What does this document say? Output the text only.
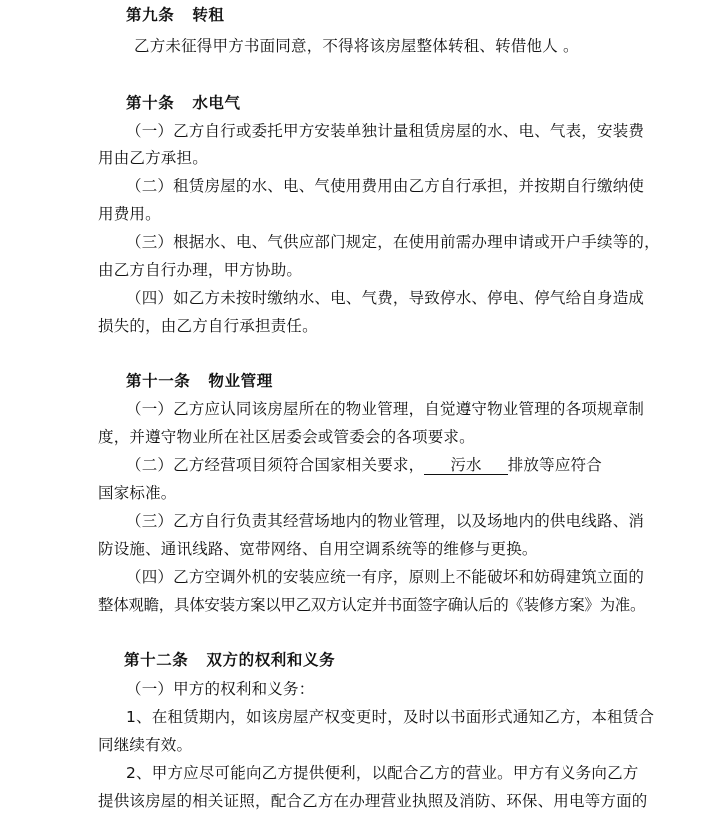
第九条 转租
乙方未征得甲方书面同意，不得将该房屋整体转租、转借他人 。
第十条 水电气
（一）乙方自行或委托甲方安装单独计量租赁房屋的水、电、气表，安装费
用由乙方承担。
（二）租赁房屋的水、电、气使用费用由乙方自行承担，并按期自行缴纳使
用费用。
（三）根据水、电、气供应部门规定，在使用前需办理申请或开户手续等的，
由乙方自行办理，甲方协助。
（四）如乙方未按时缴纳水、电、气费，导致停水、停电、停气给自身造成
损失的，由乙方自行承担责任。
第十一条 物业管理
（一）乙方应认同该房屋所在的物业管理，自觉遵守物业管理的各项规章制
度，并遵守物业所在社区居委会或管委会的各项要求。
（二）乙方经营项目须符合国家相关要求， 污水 排放等应符合
国家标准。
（三）乙方自行负责其经营场地内的物业管理，以及场地内的供电线路、消
防设施、通讯线路、宽带网络、自用空调系统等的维修与更换。
（四）乙方空调外机的安装应统一有序，原则上不能破坏和妨碍建筑立面的
整体观瞻，具体安装方案以甲乙双方认定并书面签字确认后的《装修方案》为准。
第十二条 双方的权利和义务
（一）甲方的权利和义务：
1、在租赁期内，如该房屋产权变更时，及时以书面形式通知乙方，本租赁合
同继续有效。
2、甲方应尽可能向乙方提供便利，以配合乙方的营业。甲方有义务向乙方
提供该房屋的相关证照，配合乙方在办理营业执照及消防、环保、用电等方面的
